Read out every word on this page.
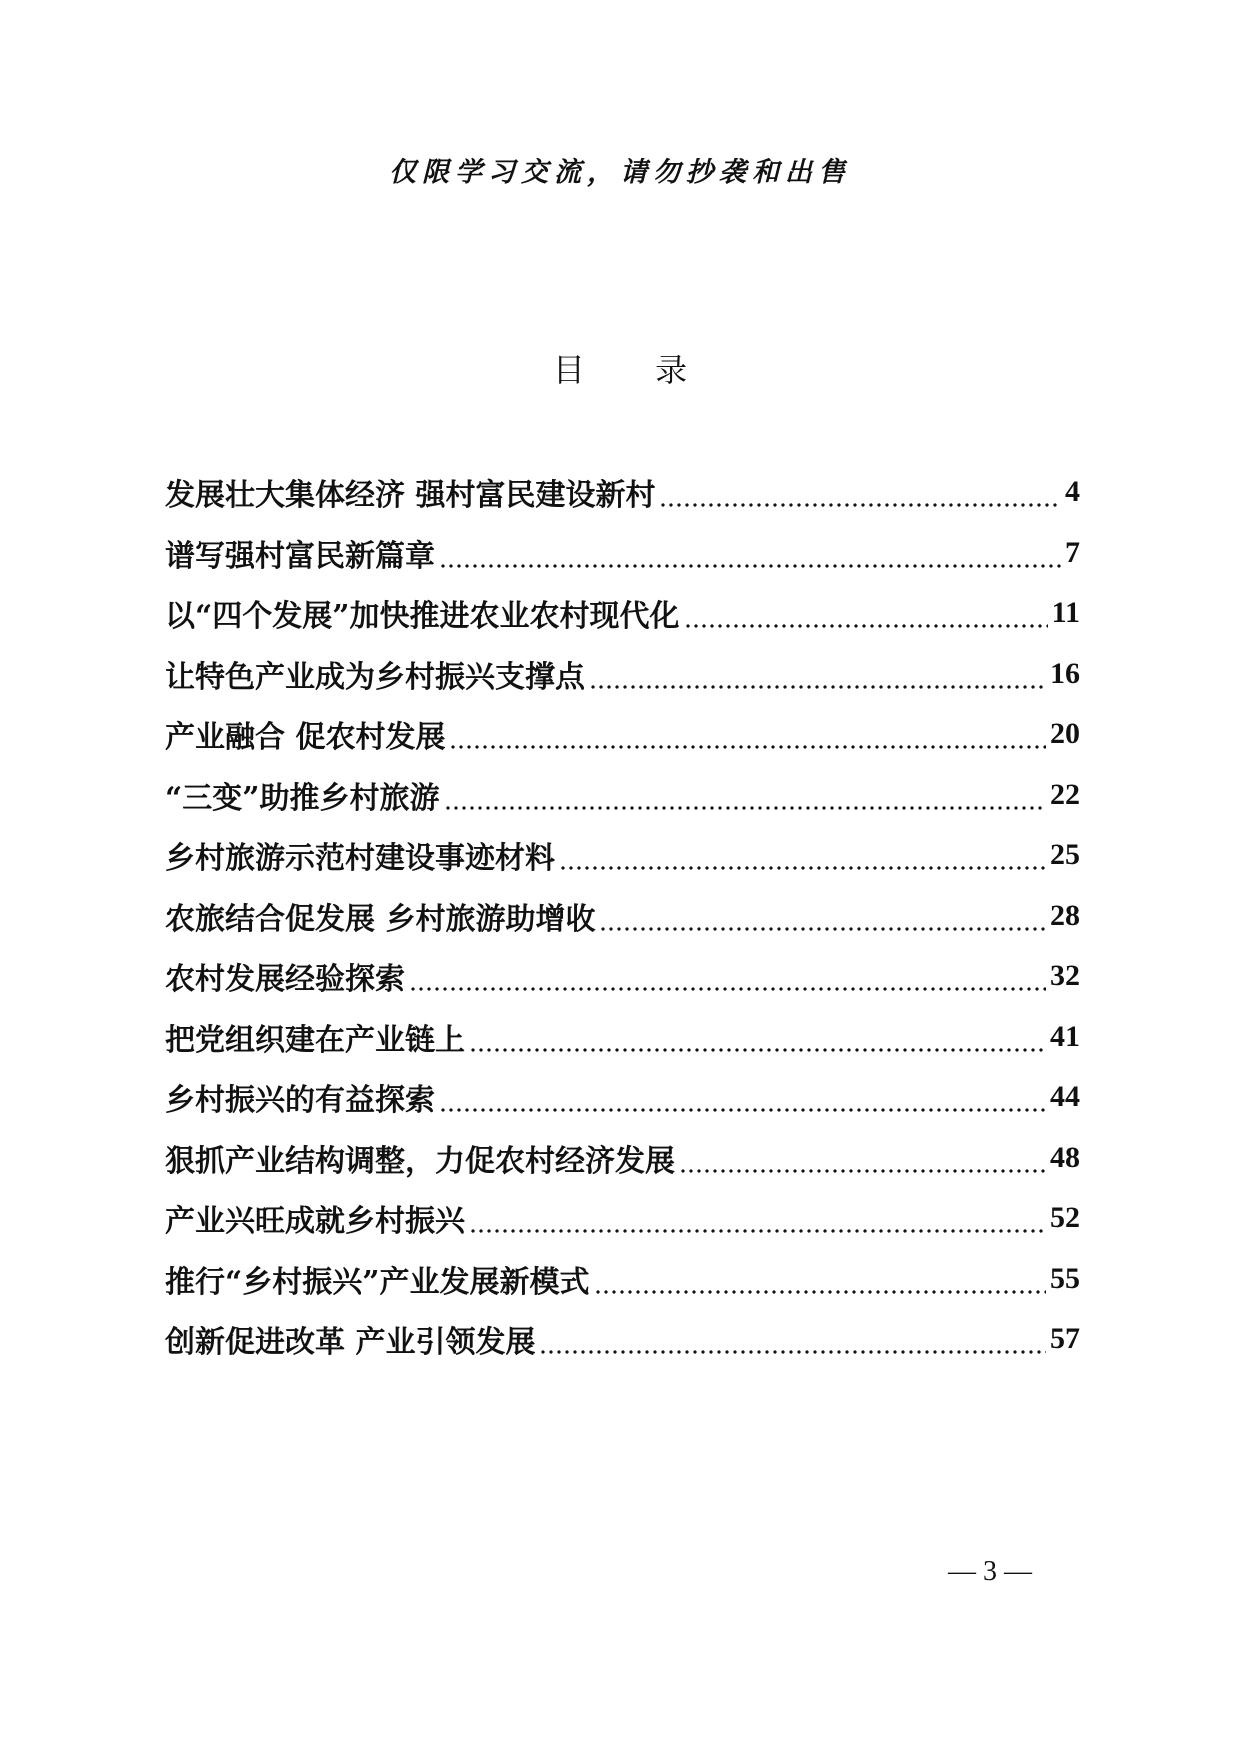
仅限学习交流，请勿抄袭和出售
目 录
发展壮大集体经济 强村富民建设新村	4
谱写强村富民新篇章	7
以“四个发展”加快推进农业农村现代化	11
让特色产业成为乡村振兴支撑点	16
产业融合 促农村发展	20
“三变”助推乡村旅游	22
乡村旅游示范村建设事迹材料	25
农旅结合促发展 乡村旅游助增收	28
农村发展经验探索	32
把党组织建在产业链上	41
乡村振兴的有益探索	44
狠抓产业结构调整，力促农村经济发展	48
产业兴旺成就乡村振兴	52
推行“乡村振兴”产业发展新模式	55
创新促进改革 产业引领发展	57
— 3 —
